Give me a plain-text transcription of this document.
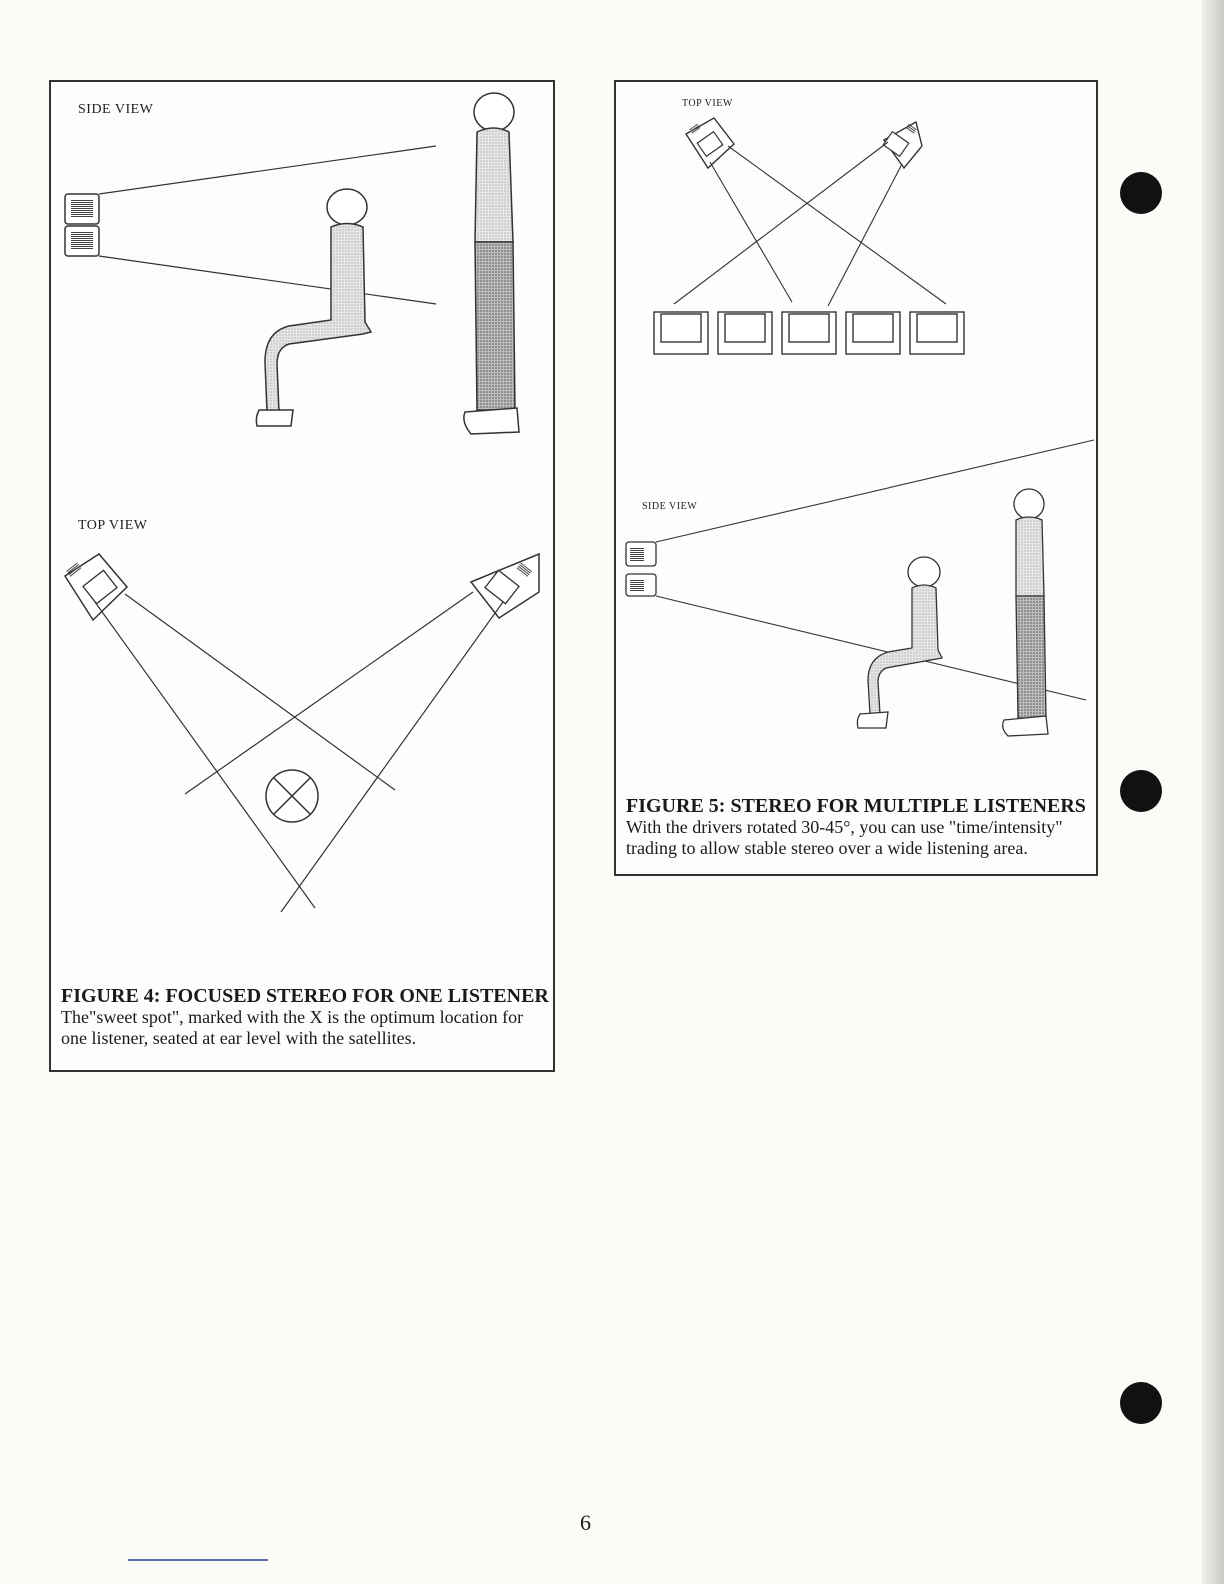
SIDE VIEW
TOP VIEW
FIGURE 4: FOCUSED STEREO FOR ONE LISTENER
The"sweet spot", marked with the X is the optimum location for one listener, seated at ear level with the satellites.
TOP VIEW
SIDE VIEW
FIGURE 5: STEREO FOR MULTIPLE LISTENERS
With the drivers rotated 30-45°, you can use "time/intensity" trading to allow stable stereo over a wide listening area.
6
